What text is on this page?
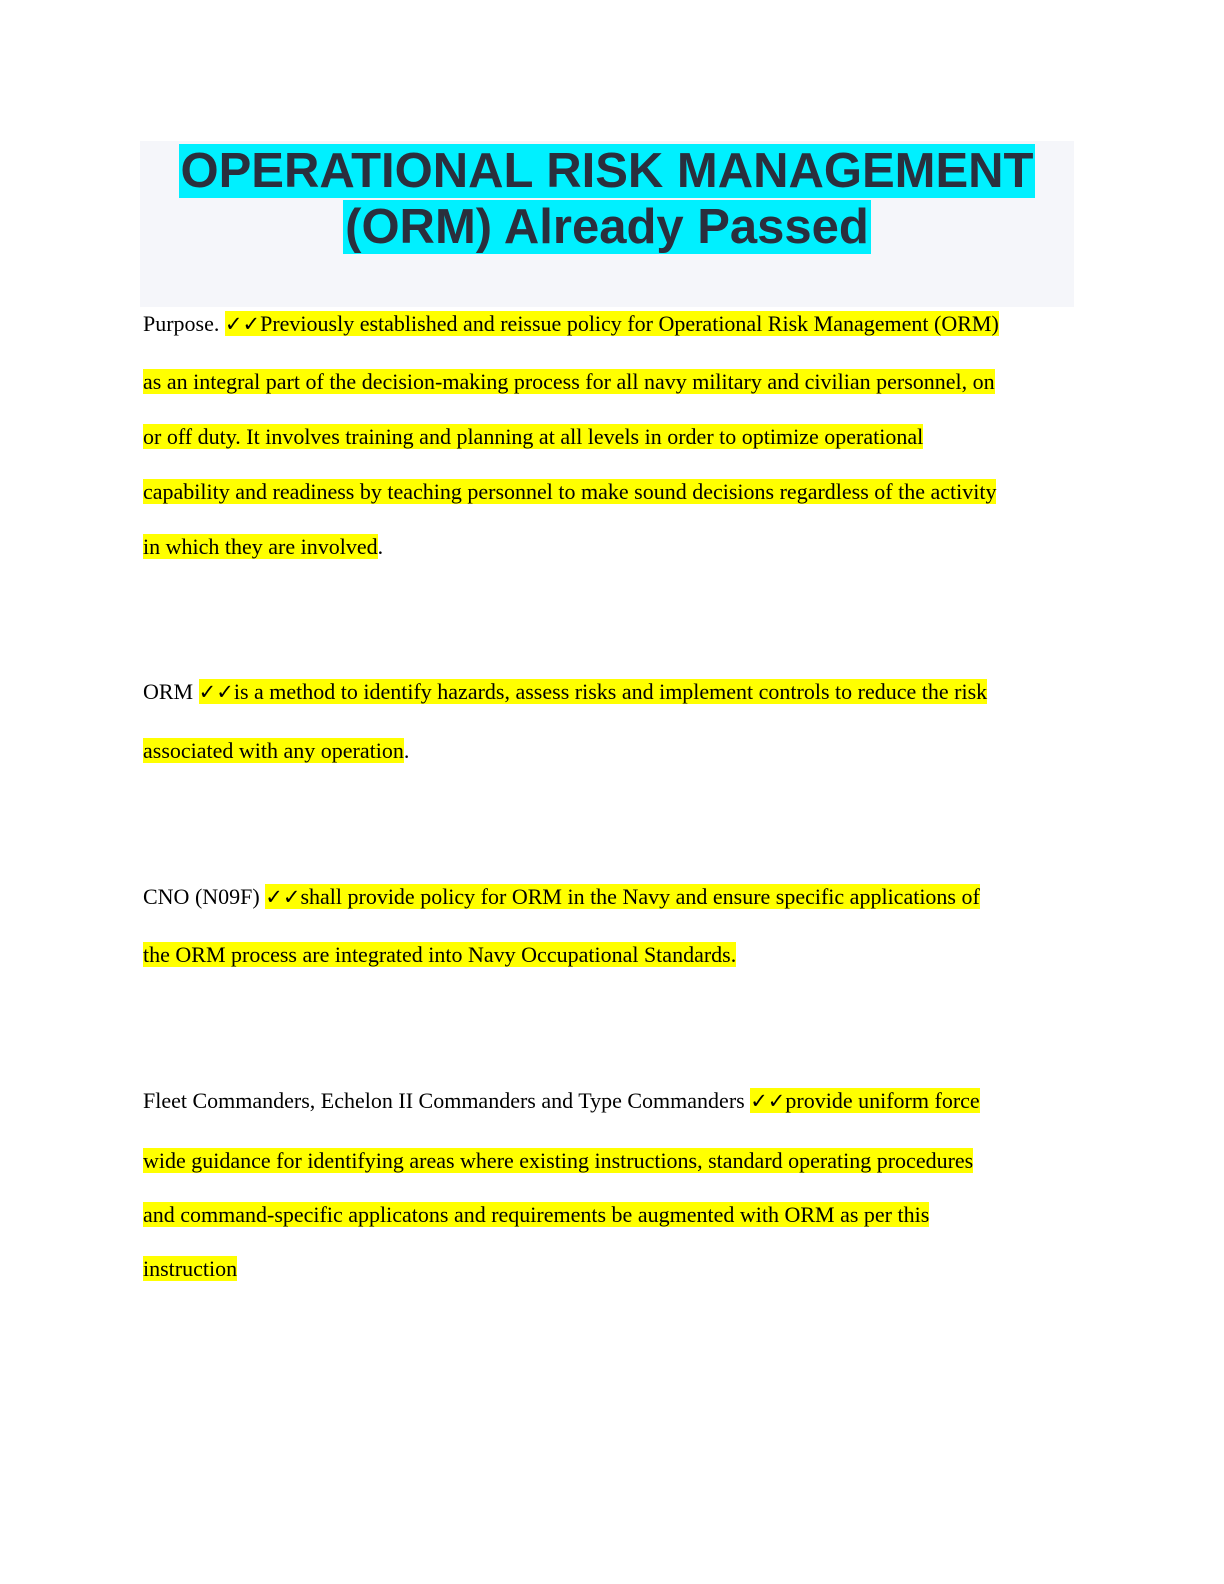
OPERATIONAL RISK MANAGEMENT
(ORM) Already Passed
Purpose. ✓✓Previously established and reissue policy for Operational Risk Management (ORM)
as an integral part of the decision-making process for all navy military and civilian personnel, on
or off duty. It involves training and planning at all levels in order to optimize operational
capability and readiness by teaching personnel to make sound decisions regardless of the activity
in which they are involved.
ORM ✓✓is a method to identify hazards, assess risks and implement controls to reduce the risk
associated with any operation.
CNO (N09F) ✓✓shall provide policy for ORM in the Navy and ensure specific applications of
the ORM process are integrated into Navy Occupational Standards.
Fleet Commanders, Echelon II Commanders and Type Commanders ✓✓provide uniform force
wide guidance for identifying areas where existing instructions, standard operating procedures
and command-specific applicatons and requirements be augmented with ORM as per this
instruction
